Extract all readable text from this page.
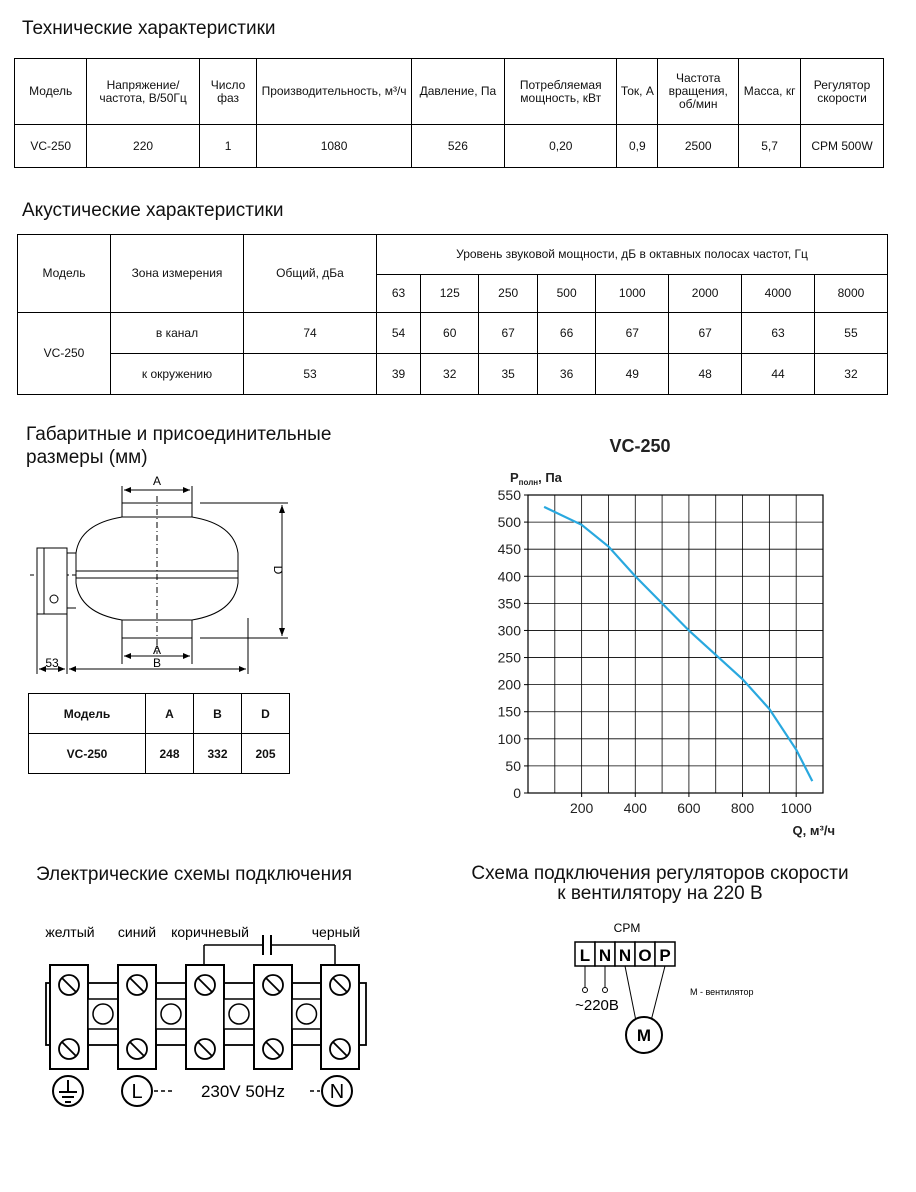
Технические характеристики
Модель	Напряжение/ частота, В/50Гц	Число фаз	Производительность, м³/ч	Давление, Па	Потребляемая мощность, кВт	Ток, А	Частота вращения, об/мин	Масса, кг	Регулятор скорости
VC-250	220	1	1080	526	0,20	0,9	2500	5,7	CPM 500W
Акустические характеристики
Модель	Зона измерения	Общий, дБа	Уровень звуковой мощности, дБ в октавных полосах частот, Гц							
			63	125	250	500	1000	2000	4000	8000
VC-250	в канал	74	54	60	67	66	67	67	63	55
	к окружению	53	39	32	35	36	49	48	44	32
Габаритные и присоединительные
размеры (мм)
A
D
A
53	B
Модель	A	B	D
VC-250	248	332	205
VC-250
$P_{полн}$, Па
0
50
100
150
200
250
300
350
400
450
500
550
200 400 600 800 1000
Q, м³/ч
Электрические схемы подключения
желтый синий коричневый	черный
L	230V 50Hz N
Схема подключения регуляторов скорости
к вентилятору на 220 В
CPM
L N N O P
~220В
M
М - вентилятор
